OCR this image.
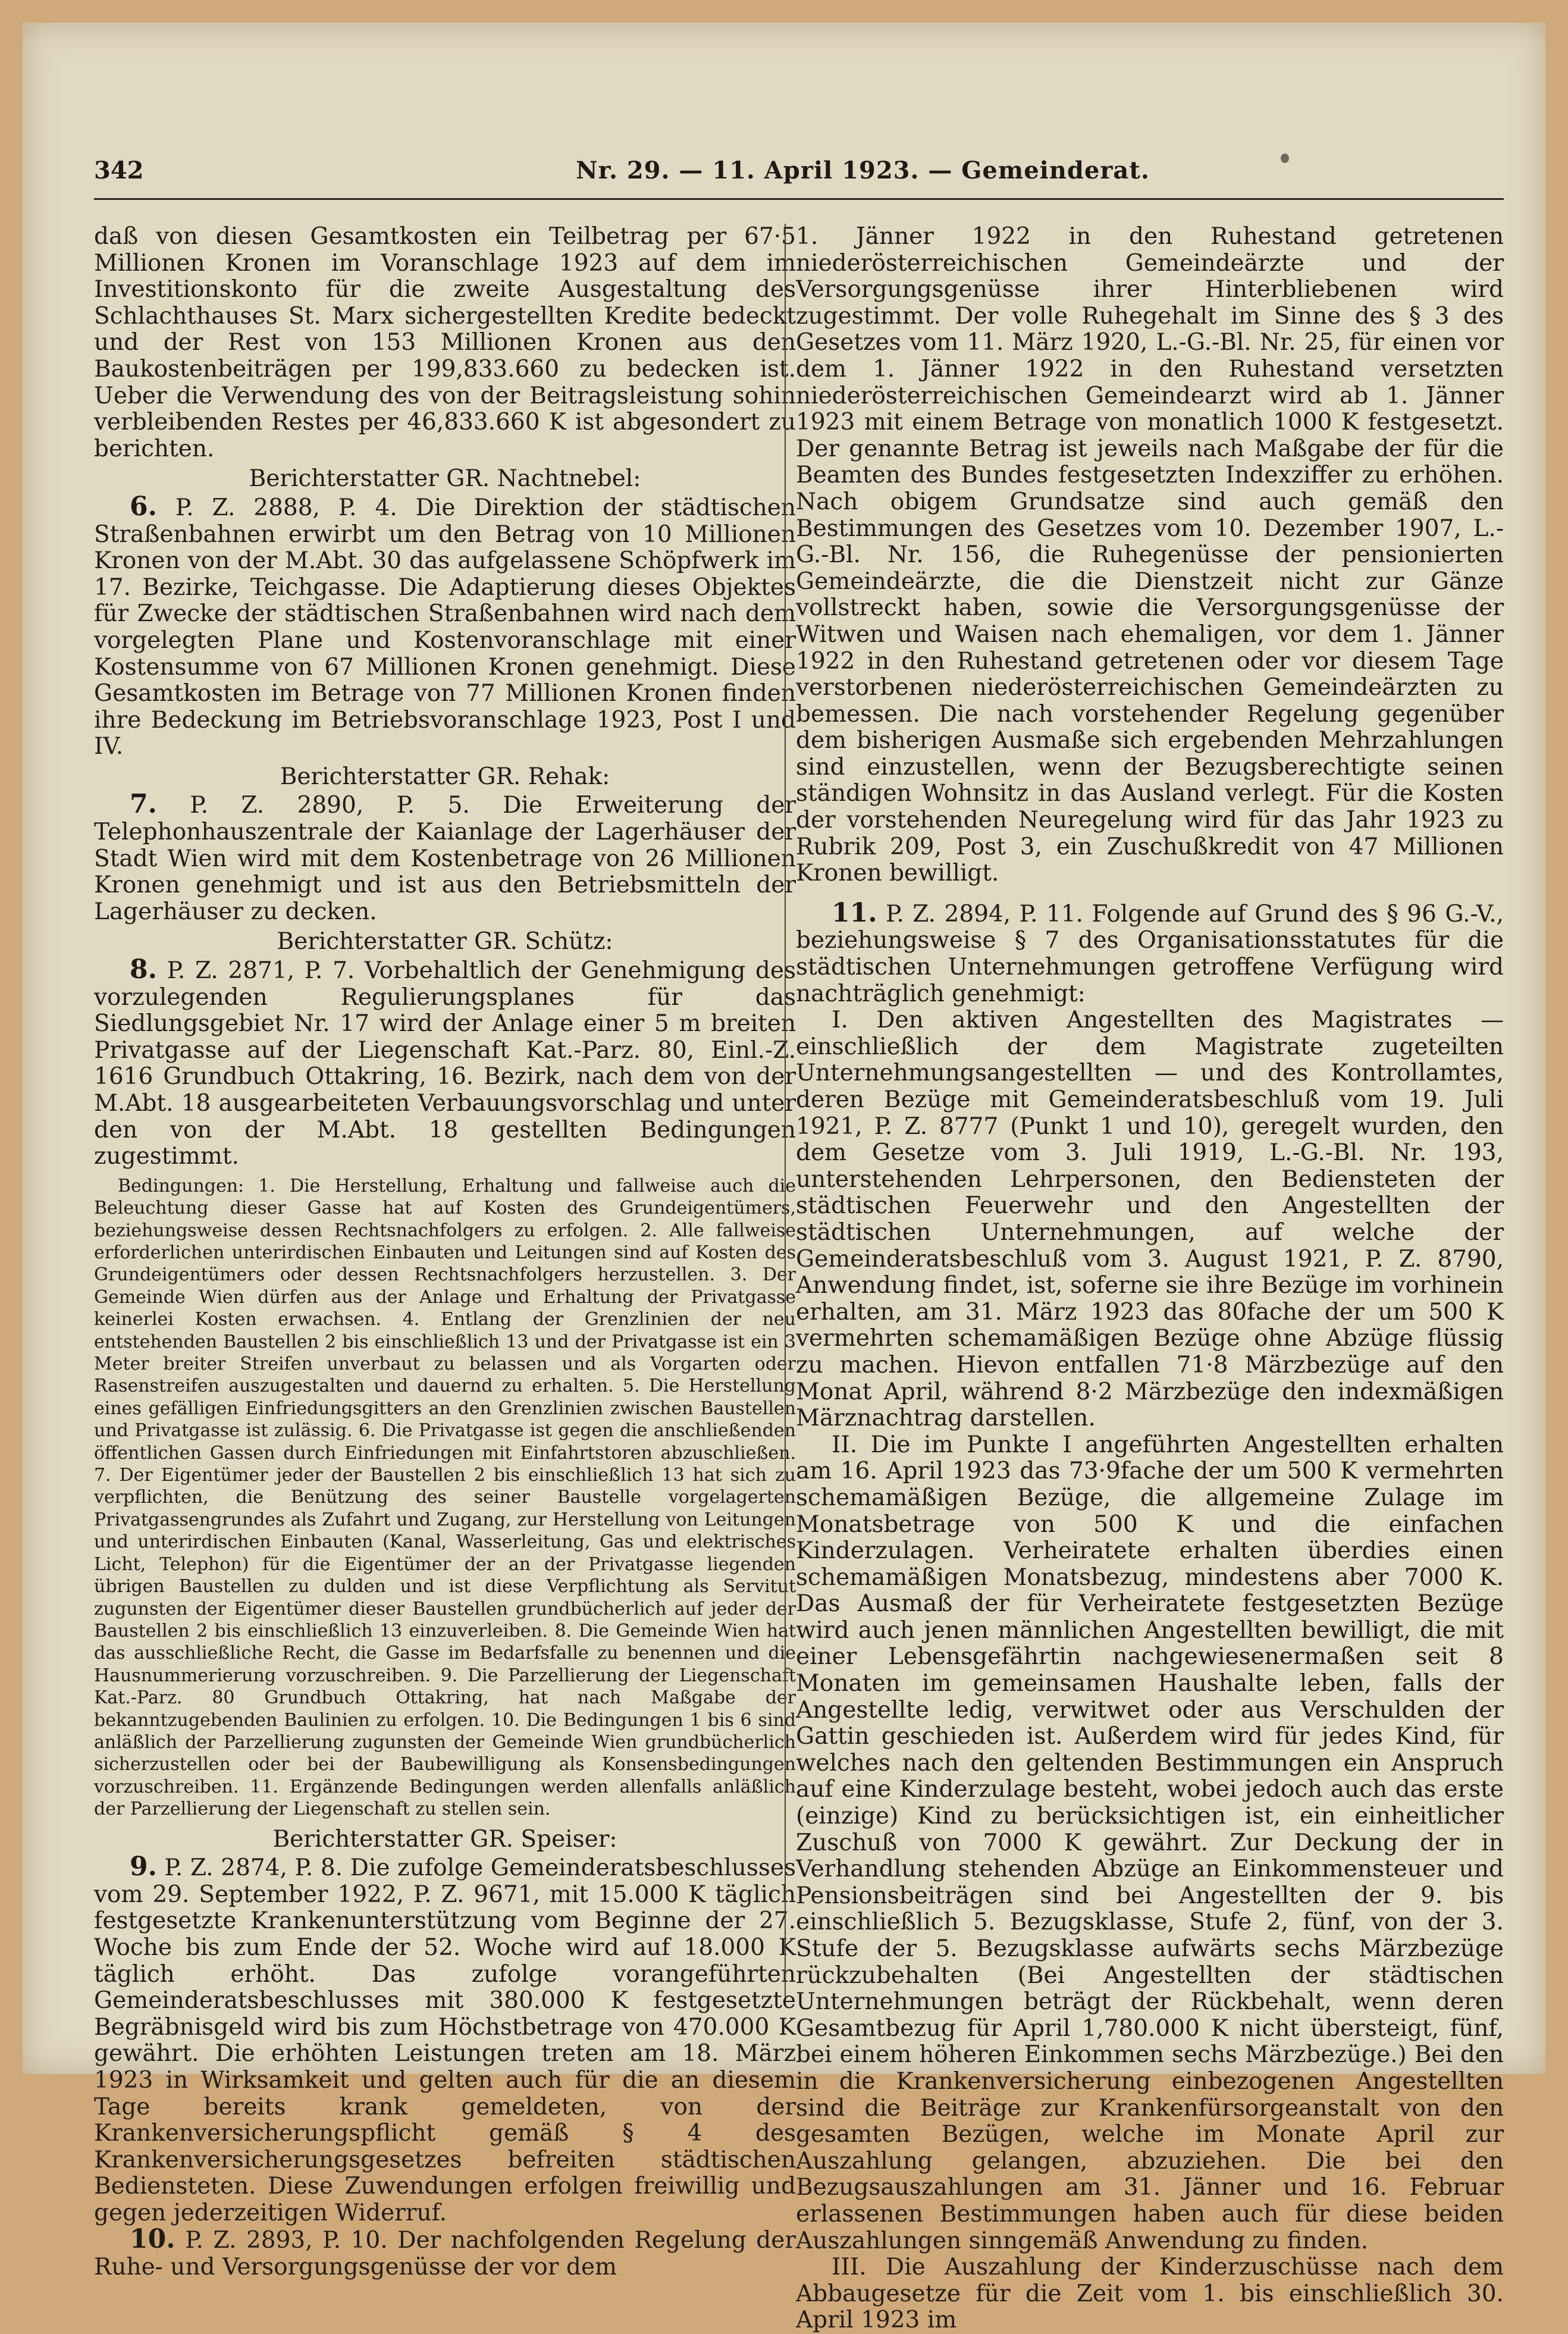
342	Nr. 29. — 11. April 1923. — Gemeinderat.

daß von diesen Gesamtkosten ein Teilbetrag per 67·5 Millionen Kronen im Voranschlage 1923 auf dem im Investitionskonto für die zweite Ausgestaltung des Schlachthauses St. Marx sichergestellten Kredite bedeckt und der Rest von 153 Millionen Kronen aus den Baukostenbeiträgen per 199,833.660 zu bedecken ist. Ueber die Verwendung des von der Beitragsleistung sohin verbleibenden Restes per 46,833.660 K ist abgesondert zu berichten.

Berichterstatter GR. Nachtnebel:

6. P. Z. 2888, P. 4. Die Direktion der städtischen Straßenbahnen erwirbt um den Betrag von 10 Millionen Kronen von der M.Abt. 30 das aufgelassene Schöpfwerk im 17. Bezirke, Teichgasse. Die Adaptierung dieses Objektes für Zwecke der städtischen Straßenbahnen wird nach dem vorgelegten Plane und Kostenvoranschlage mit einer Kostensumme von 67 Millionen Kronen genehmigt. Diese Gesamtkosten im Betrage von 77 Millionen Kronen finden ihre Bedeckung im Betriebsvoranschlage 1923, Post I und IV.

Berichterstatter GR. Rehak:

7. P. Z. 2890, P. 5. Die Erweiterung der Telephonhauszentrale der Kaianlage der Lagerhäuser der Stadt Wien wird mit dem Kostenbetrage von 26 Millionen Kronen genehmigt und ist aus den Betriebsmitteln der Lagerhäuser zu decken.

Berichterstatter GR. Schütz:

8. P. Z. 2871, P. 7. Vorbehaltlich der Genehmigung des vorzulegenden Regulierungsplanes für das Siedlungsgebiet Nr. 17 wird der Anlage einer 5 m breiten Privatgasse auf der Liegenschaft Kat.-Parz. 80, Einl.-Z. 1616 Grundbuch Ottakring, 16. Bezirk, nach dem von der M.Abt. 18 ausgearbeiteten Verbauungsvorschlag und unter den von der M.Abt. 18 gestellten Bedingungen zugestimmt.

Bedingungen: 1. Die Herstellung, Erhaltung und fallweise auch die Beleuchtung dieser Gasse hat auf Kosten des Grundeigentümers, beziehungsweise dessen Rechtsnachfolgers zu erfolgen. 2. Alle fallweise erforderlichen unterirdischen Einbauten und Leitungen sind auf Kosten des Grundeigentümers oder dessen Rechtsnachfolgers herzustellen. 3. Der Gemeinde Wien dürfen aus der Anlage und Erhaltung der Privatgasse keinerlei Kosten erwachsen. 4. Entlang der Grenzlinien der neu entstehenden Baustellen 2 bis einschließlich 13 und der Privatgasse ist ein 3 Meter breiter Streifen unverbaut zu belassen und als Vorgarten oder Rasenstreifen auszugestalten und dauernd zu erhalten. 5. Die Herstellung eines gefälligen Einfriedungsgitters an den Grenzlinien zwischen Baustellen und Privatgasse ist zulässig. 6. Die Privatgasse ist gegen die anschließenden öffentlichen Gassen durch Einfriedungen mit Einfahrtstoren abzuschließen. 7. Der Eigentümer jeder der Baustellen 2 bis einschließlich 13 hat sich zu verpflichten, die Benützung des seiner Baustelle vorgelagerten Privatgassengrundes als Zufahrt und Zugang, zur Herstellung von Leitungen und unterirdischen Einbauten (Kanal, Wasserleitung, Gas und elektrisches Licht, Telephon) für die Eigentümer der an der Privatgasse liegenden übrigen Baustellen zu dulden und ist diese Verpflichtung als Servitut zugunsten der Eigentümer dieser Baustellen grundbücherlich auf jeder der Baustellen 2 bis einschließlich 13 einzuverleiben. 8. Die Gemeinde Wien hat das ausschließliche Recht, die Gasse im Bedarfsfalle zu benennen und die Hausnummerierung vorzuschreiben. 9. Die Parzellierung der Liegenschaft Kat.-Parz. 80 Grundbuch Ottakring, hat nach Maßgabe der bekanntzugebenden Baulinien zu erfolgen. 10. Die Bedingungen 1 bis 6 sind anläßlich der Parzellierung zugunsten der Gemeinde Wien grundbücherlich sicherzustellen oder bei der Baubewilligung als Konsensbedingungen vorzuschreiben. 11. Ergänzende Bedingungen werden allenfalls anläßlich der Parzellierung der Liegenschaft zu stellen sein.

Berichterstatter GR. Speiser:

9. P. Z. 2874, P. 8. Die zufolge Gemeinderatsbeschlusses vom 29. September 1922, P. Z. 9671, mit 15.000 K täglich festgesetzte Krankenunterstützung vom Beginne der 27. Woche bis zum Ende der 52. Woche wird auf 18.000 K täglich erhöht. Das zufolge vorangeführten Gemeinderatsbeschlusses mit 380.000 K festgesetzte Begräbnisgeld wird bis zum Höchstbetrage von 470.000 K gewährt. Die erhöhten Leistungen treten am 18. März 1923 in Wirksamkeit und gelten auch für die an diesem Tage bereits krank gemeldeten, von der Krankenversicherungspflicht gemäß § 4 des Krankenversicherungsgesetzes befreiten städtischen Bediensteten. Diese Zuwendungen erfolgen freiwillig und gegen jederzeitigen Widerruf.

10. P. Z. 2893, P. 10. Der nachfolgenden Regelung der Ruhe- und Versorgungsgenüsse der vor dem

1. Jänner 1922 in den Ruhestand getretenen niederösterreichischen Gemeindeärzte und der Versorgungsgenüsse ihrer Hinterbliebenen wird zugestimmt. Der volle Ruhegehalt im Sinne des § 3 des Gesetzes vom 11. März 1920, L.-G.-Bl. Nr. 25, für einen vor dem 1. Jänner 1922 in den Ruhestand versetzten niederösterreichischen Gemeindearzt wird ab 1. Jänner 1923 mit einem Betrage von monatlich 1000 K festgesetzt. Der genannte Betrag ist jeweils nach Maßgabe der für die Beamten des Bundes festgesetzten Indexziffer zu erhöhen. Nach obigem Grundsatze sind auch gemäß den Bestimmungen des Gesetzes vom 10. Dezember 1907, L.-G.-Bl. Nr. 156, die Ruhegenüsse der pensionierten Gemeindeärzte, die die Dienstzeit nicht zur Gänze vollstreckt haben, sowie die Versorgungsgenüsse der Witwen und Waisen nach ehemaligen, vor dem 1. Jänner 1922 in den Ruhestand getretenen oder vor diesem Tage verstorbenen niederösterreichischen Gemeindeärzten zu bemessen. Die nach vorstehender Regelung gegenüber dem bisherigen Ausmaße sich ergebenden Mehrzahlungen sind einzustellen, wenn der Bezugsberechtigte seinen ständigen Wohnsitz in das Ausland verlegt. Für die Kosten der vorstehenden Neuregelung wird für das Jahr 1923 zu Rubrik 209, Post 3, ein Zuschußkredit von 47 Millionen Kronen bewilligt.

11. P. Z. 2894, P. 11. Folgende auf Grund des § 96 G.-V., beziehungsweise § 7 des Organisationsstatutes für die städtischen Unternehmungen getroffene Verfügung wird nachträglich genehmigt:

I. Den aktiven Angestellten des Magistrates — einschließlich der dem Magistrate zugeteilten Unternehmungsangestellten — und des Kontrollamtes, deren Bezüge mit Gemeinderatsbeschluß vom 19. Juli 1921, P. Z. 8777 (Punkt 1 und 10), geregelt wurden, den dem Gesetze vom 3. Juli 1919, L.-G.-Bl. Nr. 193, unterstehenden Lehrpersonen, den Bediensteten der städtischen Feuerwehr und den Angestellten der städtischen Unternehmungen, auf welche der Gemeinderatsbeschluß vom 3. August 1921, P. Z. 8790, Anwendung findet, ist, soferne sie ihre Bezüge im vorhinein erhalten, am 31. März 1923 das 80fache der um 500 K vermehrten schemamäßigen Bezüge ohne Abzüge flüssig zu machen. Hievon entfallen 71·8 Märzbezüge auf den Monat April, während 8·2 Märzbezüge den indexmäßigen Märznachtrag darstellen.

II. Die im Punkte I angeführten Angestellten erhalten am 16. April 1923 das 73·9fache der um 500 K vermehrten schemamäßigen Bezüge, die allgemeine Zulage im Monatsbetrage von 500 K und die einfachen Kinderzulagen. Verheiratete erhalten überdies einen schemamäßigen Monatsbezug, mindestens aber 7000 K. Das Ausmaß der für Verheiratete festgesetzten Bezüge wird auch jenen männlichen Angestellten bewilligt, die mit einer Lebensgefährtin nachgewiesenermaßen seit 8 Monaten im gemeinsamen Haushalte leben, falls der Angestellte ledig, verwitwet oder aus Verschulden der Gattin geschieden ist. Außerdem wird für jedes Kind, für welches nach den geltenden Bestimmungen ein Anspruch auf eine Kinderzulage besteht, wobei jedoch auch das erste (einzige) Kind zu berücksichtigen ist, ein einheitlicher Zuschuß von 7000 K gewährt. Zur Deckung der in Verhandlung stehenden Abzüge an Einkommensteuer und Pensionsbeiträgen sind bei Angestellten der 9. bis einschließlich 5. Bezugsklasse, Stufe 2, fünf, von der 3. Stufe der 5. Bezugsklasse aufwärts sechs Märzbezüge rückzubehalten (Bei Angestellten der städtischen Unternehmungen beträgt der Rückbehalt, wenn deren Gesamtbezug für April 1,780.000 K nicht übersteigt, fünf, bei einem höheren Einkommen sechs Märzbezüge.) Bei den in die Krankenversicherung einbezogenen Angestellten sind die Beiträge zur Krankenfürsorgeanstalt von den gesamten Bezügen, welche im Monate April zur Auszahlung gelangen, abzuziehen. Die bei den Bezugsauszahlungen am 31. Jänner und 16. Februar erlassenen Bestimmungen haben auch für diese beiden Auszahlungen sinngemäß Anwendung zu finden.

III. Die Auszahlung der Kinderzuschüsse nach dem Abbaugesetze für die Zeit vom 1. bis einschließlich 30. April 1923 im
